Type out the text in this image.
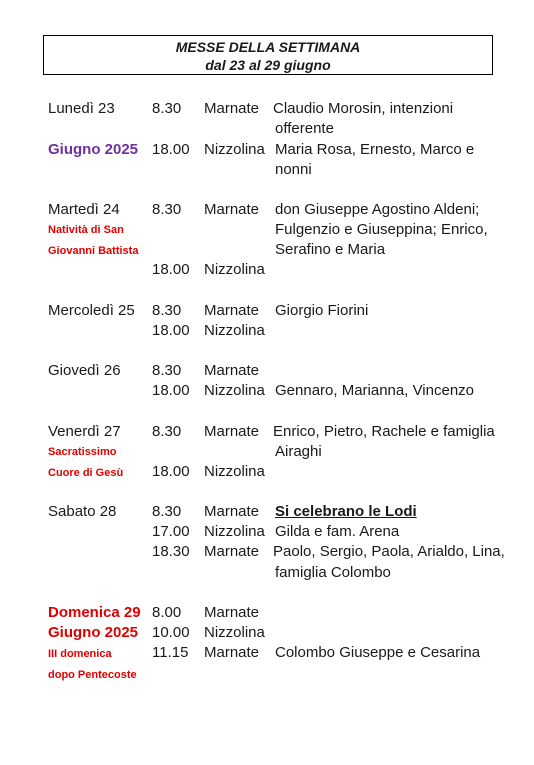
MESSE DELLA SETTIMANA
dal 23 al 29 giugno
Lunedì 23 8.30 Marnate Claudio Morosin, intenzioni
offerente
Giugno 2025 18.00 Nizzolina Maria Rosa, Ernesto, Marco e
nonni
Martedì 24
Natività di San
Giovanni Battista
8.30 Marnate don Giuseppe Agostino Aldeni;
Fulgenzio e Giuseppina; Enrico,
Serafino e Maria
18.00 Nizzolina
Mercoledì 25 8.30 Marnate Giorgio Fiorini
18.00 Nizzolina
Giovedì 26 8.30 Marnate
18.00 Nizzolina Gennaro, Marianna, Vincenzo
Venerdì 27
Sacratissimo
Cuore di Gesù
8.30 Marnate Enrico, Pietro, Rachele e famiglia
Airaghi
18.00 Nizzolina
Sabato 28 8.30 Marnate Si celebrano le Lodi
17.00 Nizzolina Gilda e fam. Arena
18.30 Marnate Paolo, Sergio, Paola, Arialdo, Lina,
famiglia Colombo
Domenica 29
Giugno 2025
III domenica
dopo Pentecoste
8.00 Marnate
10.00 Nizzolina
11.15 Marnate Colombo Giuseppe e Cesarina
